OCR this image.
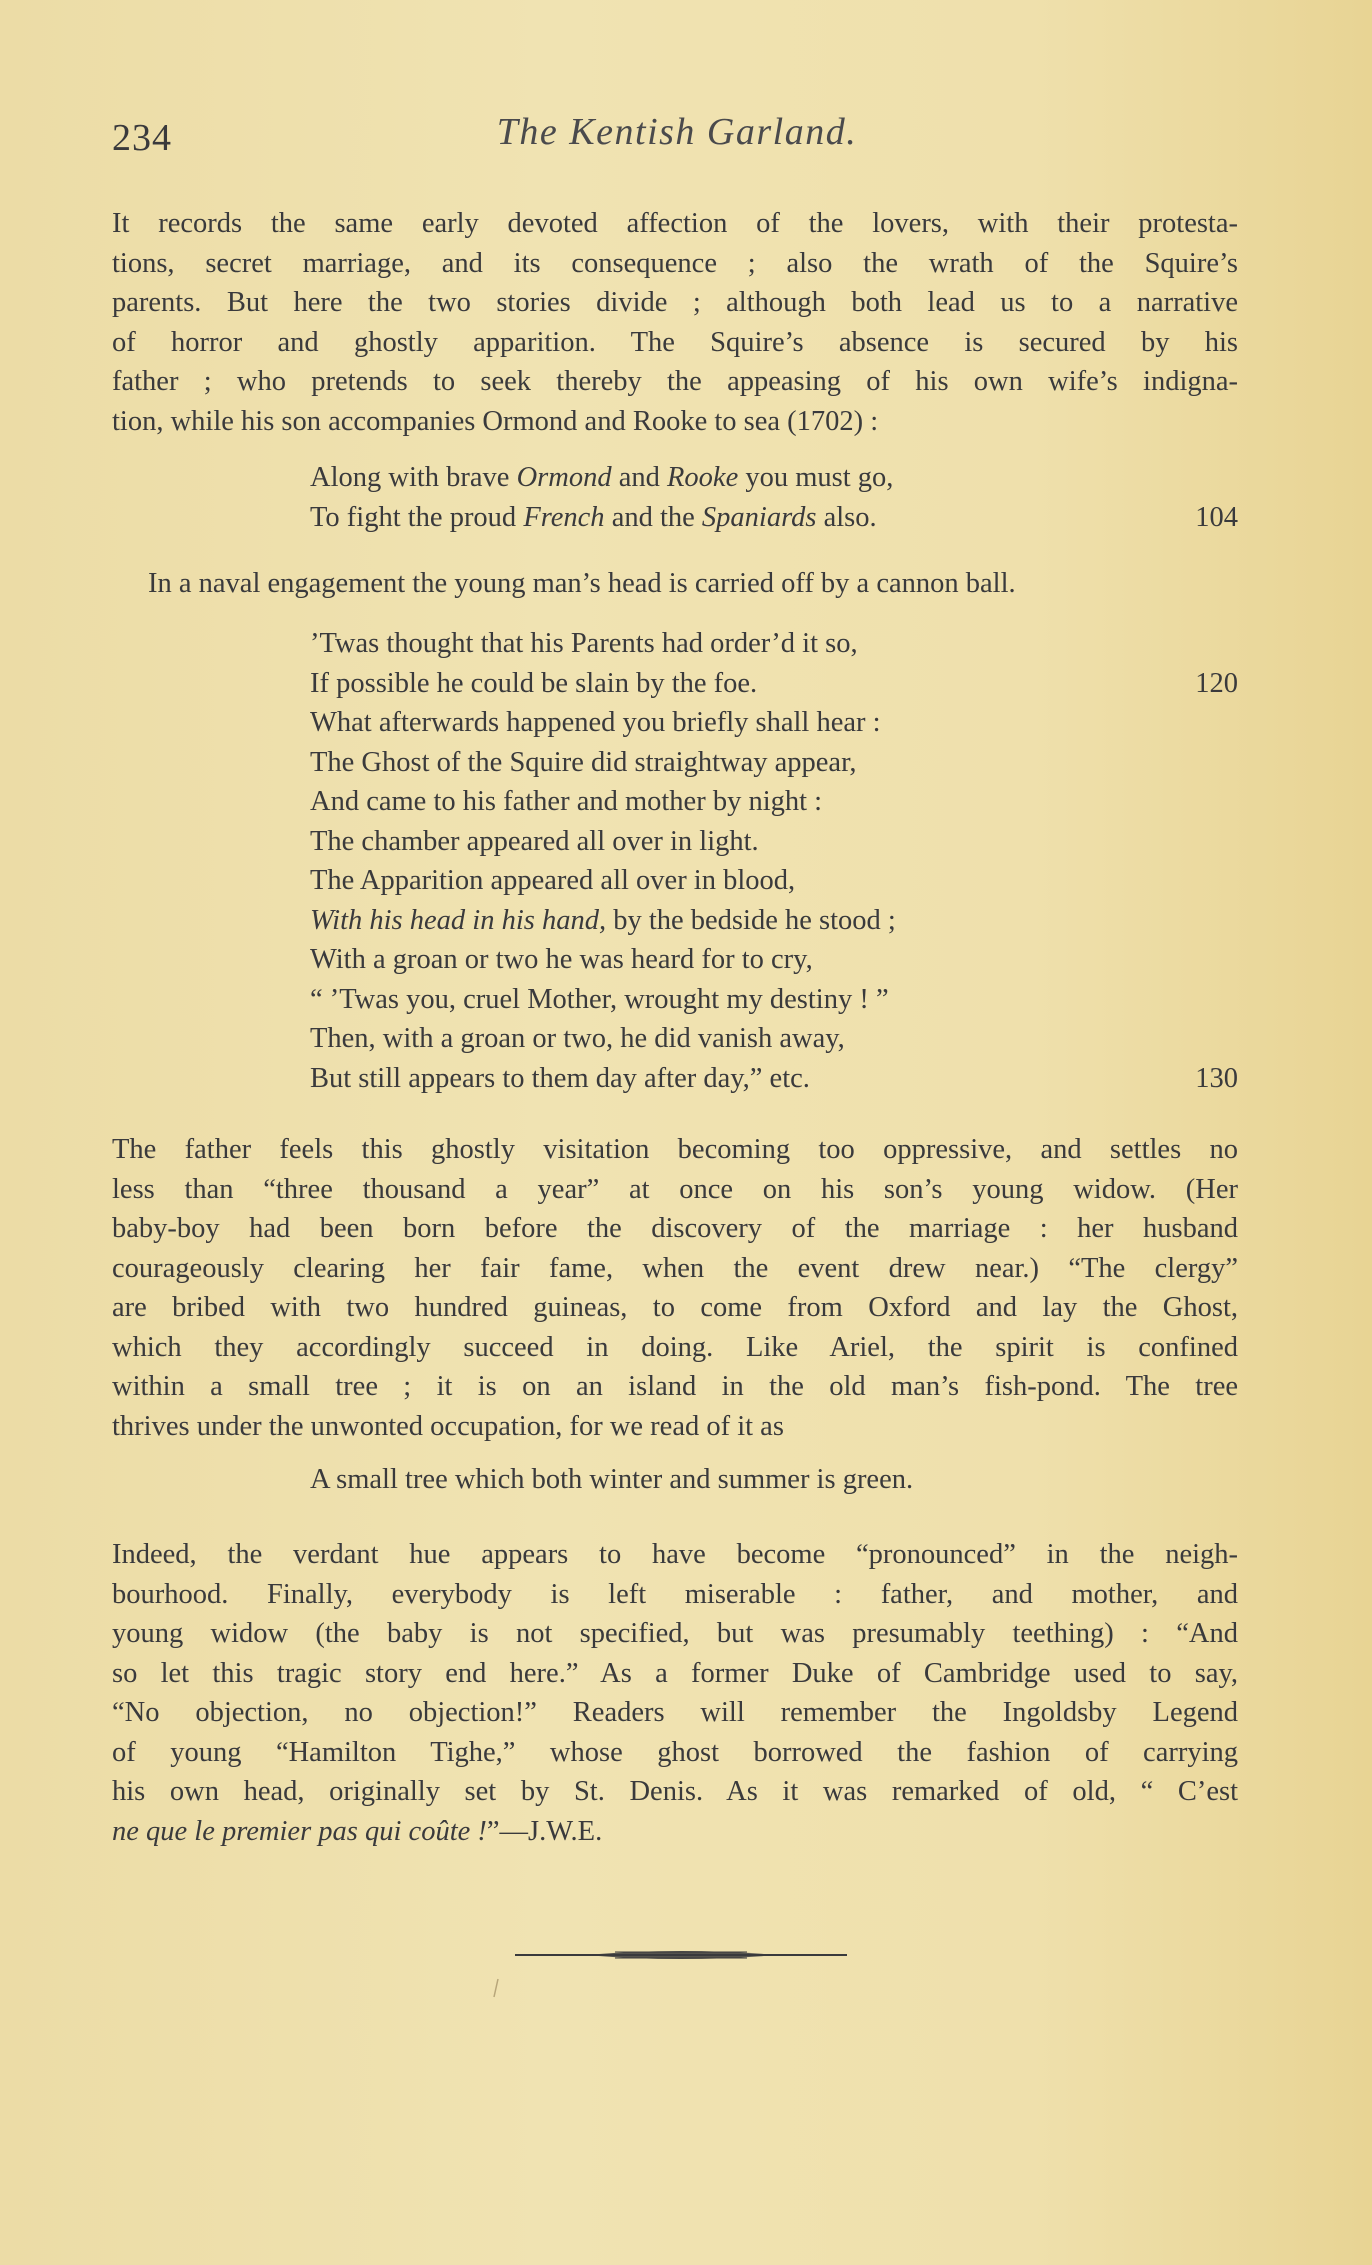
234	The Kentish Garland.
It records the same early devoted affection of the lovers, with their protesta-
tions, secret marriage, and its consequence ; also the wrath of the Squire’s
parents. But here the two stories divide ; although both lead us to a narrative
of horror and ghostly apparition. The Squire’s absence is secured by his
father ; who pretends to seek thereby the appeasing of his own wife’s indigna-
tion, while his son accompanies Ormond and Rooke to sea (1702) :
Along with brave Ormond and Rooke you must go,
To fight the proud French and the Spaniards also.	104
In a naval engagement the young man’s head is carried off by a cannon ball.
’Twas thought that his Parents had order’d it so,
If possible he could be slain by the foe.	120
What afterwards happened you briefly shall hear :
The Ghost of the Squire did straightway appear,
And came to his father and mother by night :
The chamber appeared all over in light.
The Apparition appeared all over in blood,
With his head in his hand, by the bedside he stood ;
With a groan or two he was heard for to cry,
“ ’Twas you, cruel Mother, wrought my destiny ! ”
Then, with a groan or two, he did vanish away,
But still appears to them day after day,” etc.	130
The father feels this ghostly visitation becoming too oppressive, and settles no
less than “three thousand a year” at once on his son’s young widow. (Her
baby-boy had been born before the discovery of the marriage : her husband
courageously clearing her fair fame, when the event drew near.) “The clergy”
are bribed with two hundred guineas, to come from Oxford and lay the Ghost,
which they accordingly succeed in doing. Like Ariel, the spirit is confined
within a small tree ; it is on an island in the old man’s fish-pond. The tree
thrives under the unwonted occupation, for we read of it as
A small tree which both winter and summer is green.
Indeed, the verdant hue appears to have become “pronounced” in the neigh-
bourhood. Finally, everybody is left miserable : father, and mother, and
young widow (the baby is not specified, but was presumably teething) : “And
so let this tragic story end here.” As a former Duke of Cambridge used to say,
“No objection, no objection!” Readers will remember the Ingoldsby Legend
of young “Hamilton Tighe,” whose ghost borrowed the fashion of carrying
his own head, originally set by St. Denis. As it was remarked of old, “ C’est
ne que le premier pas qui coûte !”—J.W.E.
